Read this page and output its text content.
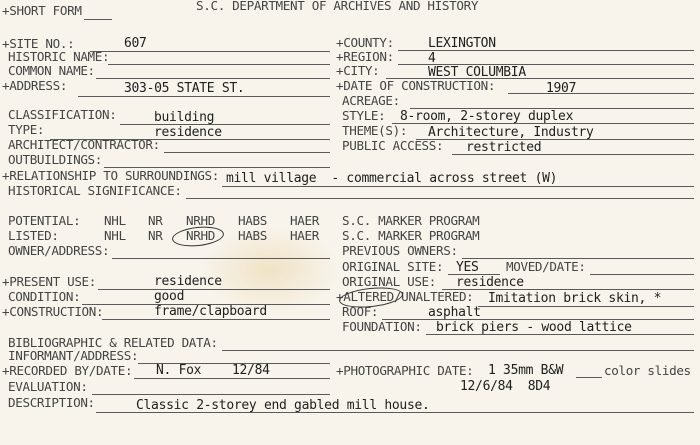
+SHORT FORM	S.C. DEPARTMENT OF ARCHIVES AND HISTORY
+SITE NO.:	607
HISTORIC NAME:
COMMON NAME:
+ADDRESS:	303-05 STATE ST.
CLASSIFICATION:	building
TYPE:	residence
ARCHITECT/CONTRACTOR:
OUTBUILDINGS:
+RELATIONSHIP TO SURROUNDINGS: mill village  - commercial across street (W)
HISTORICAL SIGNIFICANCE:
POTENTIAL: NHL NR NRHD HABS HAER
LISTED:	NHL NR NRHD HABS HAER
OWNER/ADDRESS:
+PRESENT USE:	residence
CONDITION:	good
+CONSTRUCTION:	frame/clapboard
BIBLIOGRAPHIC & RELATED DATA:
INFORMANT/ADDRESS:
+RECORDED BY/DATE: N. Fox 12/84
EVALUATION:
DESCRIPTION:	Classic 2-storey end gabled mill house.
+COUNTY:	LEXINGTON
+REGION:	4
+CITY:	WEST COLUMBIA
+DATE OF CONSTRUCTION:	1907
ACREAGE:
STYLE: 8-room, 2-storey duplex
THEME(S): Architecture, Industry
PUBLIC ACCESS: restricted
S.C. MARKER PROGRAM
S.C. MARKER PROGRAM
PREVIOUS OWNERS:
ORIGINAL SITE: YES MOVED/DATE:
ORIGINAL USE: residence
+ALTERED/UNALTERED: Imitation brick skin, *
ROOF:	asphalt
FOUNDATION: brick piers - wood lattice
+PHOTOGRAPHIC DATE: 1 35mm B&W	color slides
12/6/84  8D4
